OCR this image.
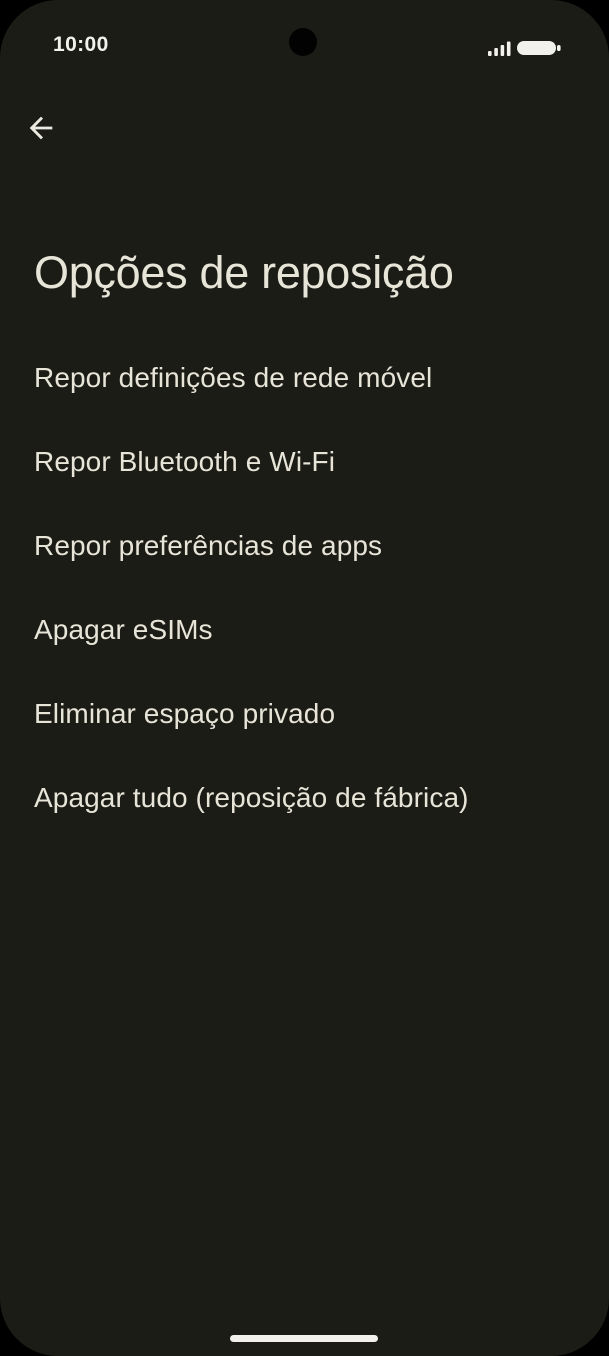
10:00
Opções de reposição
Repor definições de rede móvel
Repor Bluetooth e Wi-Fi
Repor preferências de apps
Apagar eSIMs
Eliminar espaço privado
Apagar tudo (reposição de fábrica)
